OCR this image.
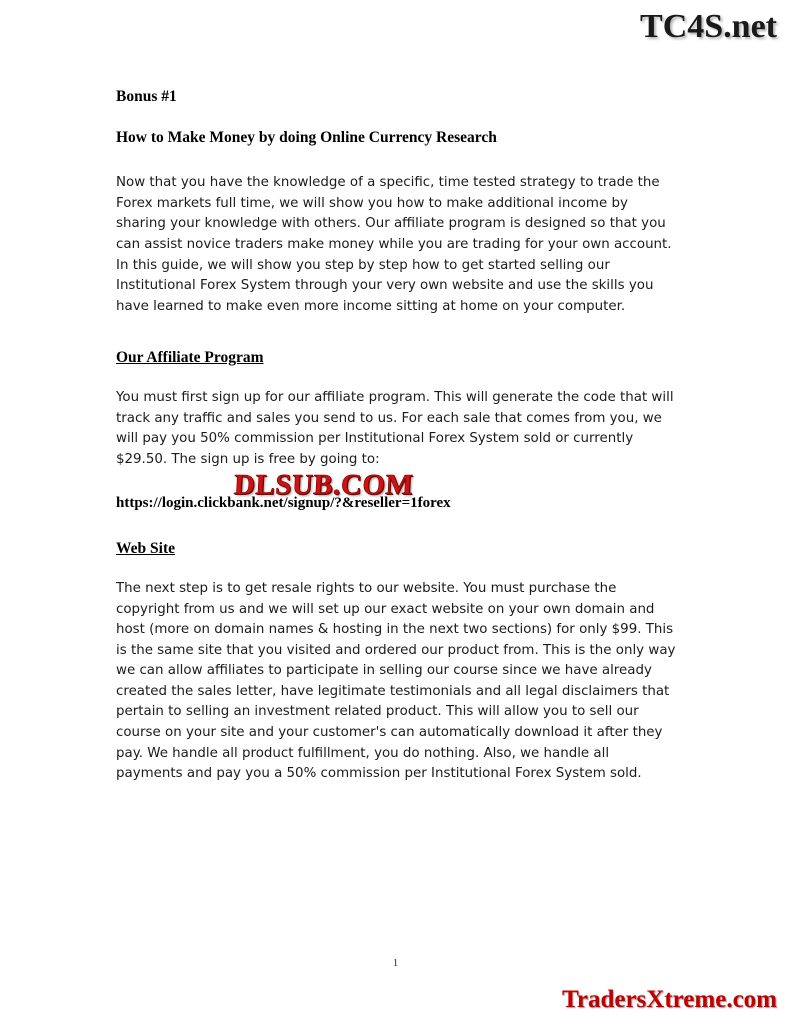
TC4S.net
Bonus #1
How to Make Money by doing Online Currency Research

Now that you have the knowledge of a specific, time tested strategy to trade the Forex markets full time, we will show you how to make additional income by sharing your knowledge with others. Our affiliate program is designed so that you can assist novice traders make money while you are trading for your own account. In this guide, we will show you step by step how to get started selling our Institutional Forex System through your very own website and use the skills you have learned to make even more income sitting at home on your computer.

Our Affiliate Program

You must first sign up for our affiliate program. This will generate the code that will track any traffic and sales you send to us. For each sale that comes from you, we will pay you 50% commission per Institutional Forex System sold or currently $29.50. The sign up is free by going to:

https://login.clickbank.net/signup/?&reseller=1forex
DLSUB.COM
Web Site

The next step is to get resale rights to our website. You must purchase the copyright from us and we will set up our exact website on your own domain and host (more on domain names & hosting in the next two sections) for only $99. This is the same site that you visited and ordered our product from. This is the only way we can allow affiliates to participate in selling our course since we have already created the sales letter, have legitimate testimonials and all legal disclaimers that pertain to selling an investment related product. This will allow you to sell our course on your site and your customer's can automatically download it after they pay. We handle all product fulfillment, you do nothing. Also, we handle all payments and pay you a 50% commission per Institutional Forex System sold.

1
TradersXtreme.com
